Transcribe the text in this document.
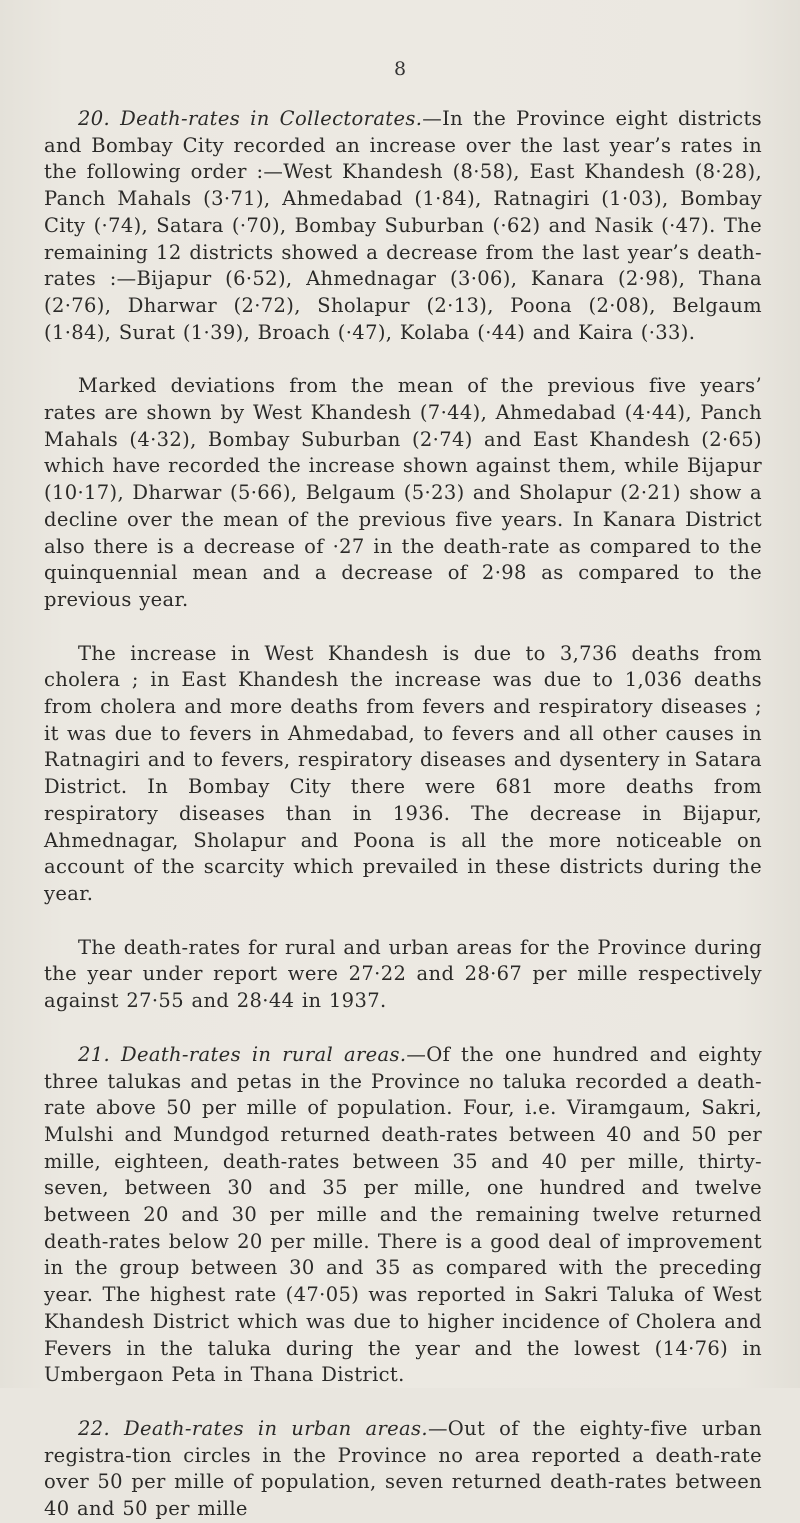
8

20. Death-rates in Collectorates.—In the Province eight districts and Bombay City recorded an increase over the last year’s rates in the following order :—West Khandesh (8·58), East Khandesh (8·28), Panch Mahals (3·71), Ahmedabad (1·84), Ratnagiri (1·03), Bombay City (·74), Satara (·70), Bombay Suburban (·62) and Nasik (·47). The remaining 12 districts showed a decrease from the last year’s death-rates :—Bijapur (6·52), Ahmednagar (3·06), Kanara (2·98), Thana (2·76), Dharwar (2·72), Sholapur (2·13), Poona (2·08), Belgaum (1·84), Surat (1·39), Broach (·47), Kolaba (·44) and Kaira (·33).

Marked deviations from the mean of the previous five years’ rates are shown by West Khandesh (7·44), Ahmedabad (4·44), Panch Mahals (4·32), Bombay Suburban (2·74) and East Khandesh (2·65) which have recorded the increase shown against them, while Bijapur (10·17), Dharwar (5·66), Belgaum (5·23) and Sholapur (2·21) show a decline over the mean of the previous five years. In Kanara District also there is a decrease of ·27 in the death-rate as compared to the quinquennial mean and a decrease of 2·98 as compared to the previous year.

The increase in West Khandesh is due to 3,736 deaths from cholera ; in East Khandesh the increase was due to 1,036 deaths from cholera and more deaths from fevers and respiratory diseases ; it was due to fevers in Ahmedabad, to fevers and all other causes in Ratnagiri and to fevers, respiratory diseases and dysentery in Satara District. In Bombay City there were 681 more deaths from respiratory diseases than in 1936. The decrease in Bijapur, Ahmednagar, Sholapur and Poona is all the more noticeable on account of the scarcity which prevailed in these districts during the year.

The death-rates for rural and urban areas for the Province during the year under report were 27·22 and 28·67 per mille respectively against 27·55 and 28·44 in 1937.

21. Death-rates in rural areas.—Of the one hundred and eighty three talukas and petas in the Province no taluka recorded a death-rate above 50 per mille of population. Four, i.e. Viramgaum, Sakri, Mulshi and Mundgod returned death-rates between 40 and 50 per mille, eighteen, death-rates between 35 and 40 per mille, thirty-seven, between 30 and 35 per mille, one hundred and twelve between 20 and 30 per mille and the remaining twelve returned death-rates below 20 per mille. There is a good deal of improvement in the group between 30 and 35 as compared with the preceding year. The highest rate (47·05) was reported in Sakri Taluka of West Khandesh District which was due to higher incidence of Cholera and Fevers in the taluka during the year and the lowest (14·76) in Umbergaon Peta in Thana District.

22. Death-rates in urban areas.—Out of the eighty-five urban registra-tion circles in the Province no area reported a death-rate over 50 per mille of population, seven returned death-rates between 40 and 50 per mille
